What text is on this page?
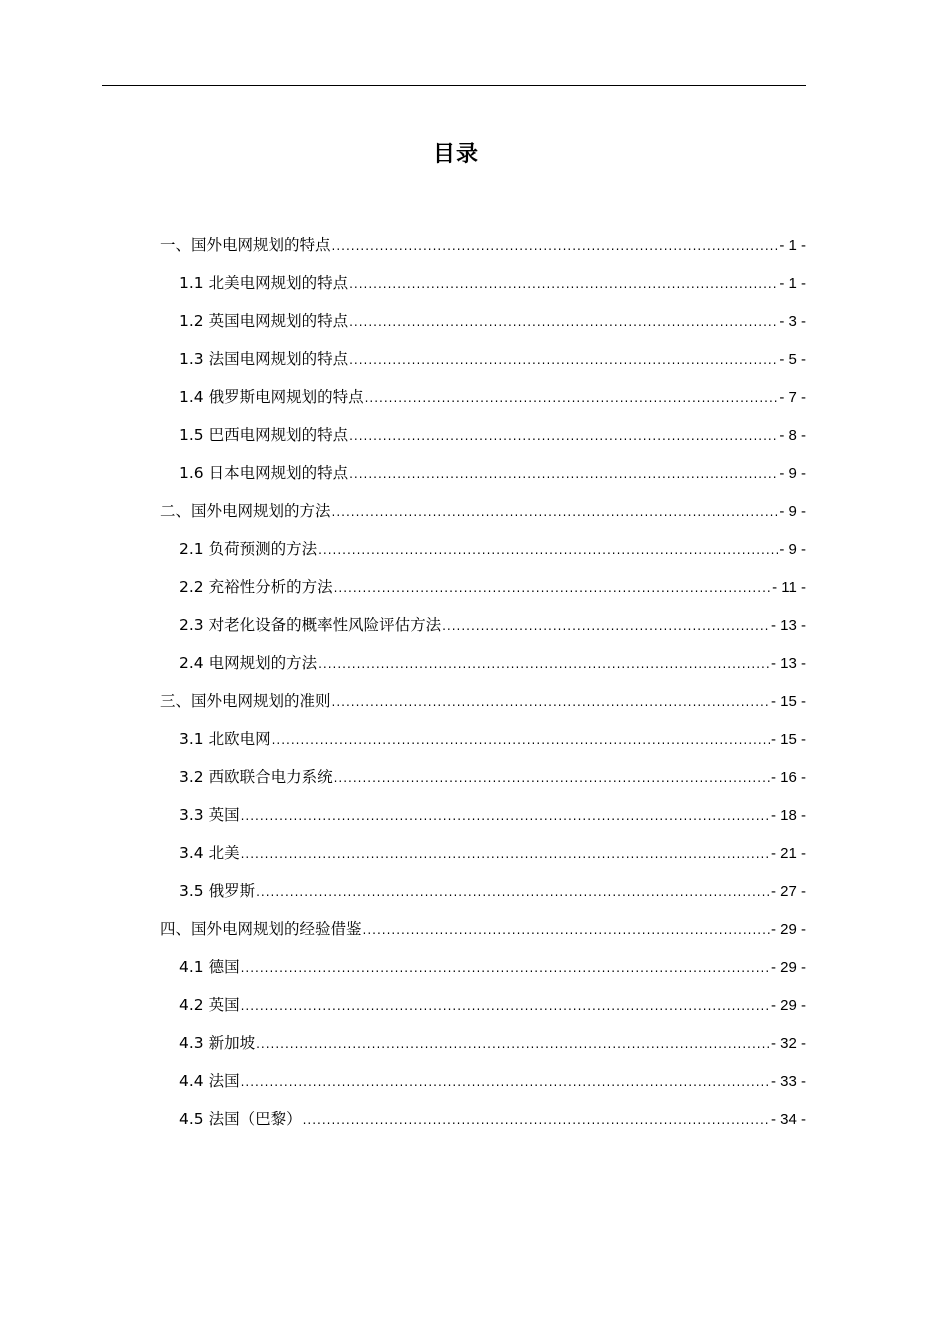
目录
一、国外电网规划的特点 .....	- 1 -
1.1 北美电网规划的特点 .....	- 1 -
1.2 英国电网规划的特点 .....	- 3 -
1.3 法国电网规划的特点 .....	- 5 -
1.4 俄罗斯电网规划的特点 .....	- 7 -
1.5 巴西电网规划的特点 .....	- 8 -
1.6 日本电网规划的特点 .....	- 9 -
二、国外电网规划的方法 .....	- 9 -
2.1 负荷预测的方法 .....	- 9 -
2.2 充裕性分析的方法 .....	- 11 -
2.3 对老化设备的概率性风险评估方法 .....	- 13 -
2.4 电网规划的方法 .....	- 13 -
三、国外电网规划的准则 .....	- 15 -
3.1 北欧电网 .....	- 15 -
3.2 西欧联合电力系统 .....	- 16 -
3.3 英国 .....	- 18 -
3.4 北美 .....	- 21 -
3.5 俄罗斯 .....	- 27 -
四、国外电网规划的经验借鉴 .....	- 29 -
4.1 德国 .....	- 29 -
4.2 英国 .....	- 29 -
4.3 新加坡 .....	- 32 -
4.4 法国 .....	- 33 -
4.5 法国（巴黎） .....	- 34 -
